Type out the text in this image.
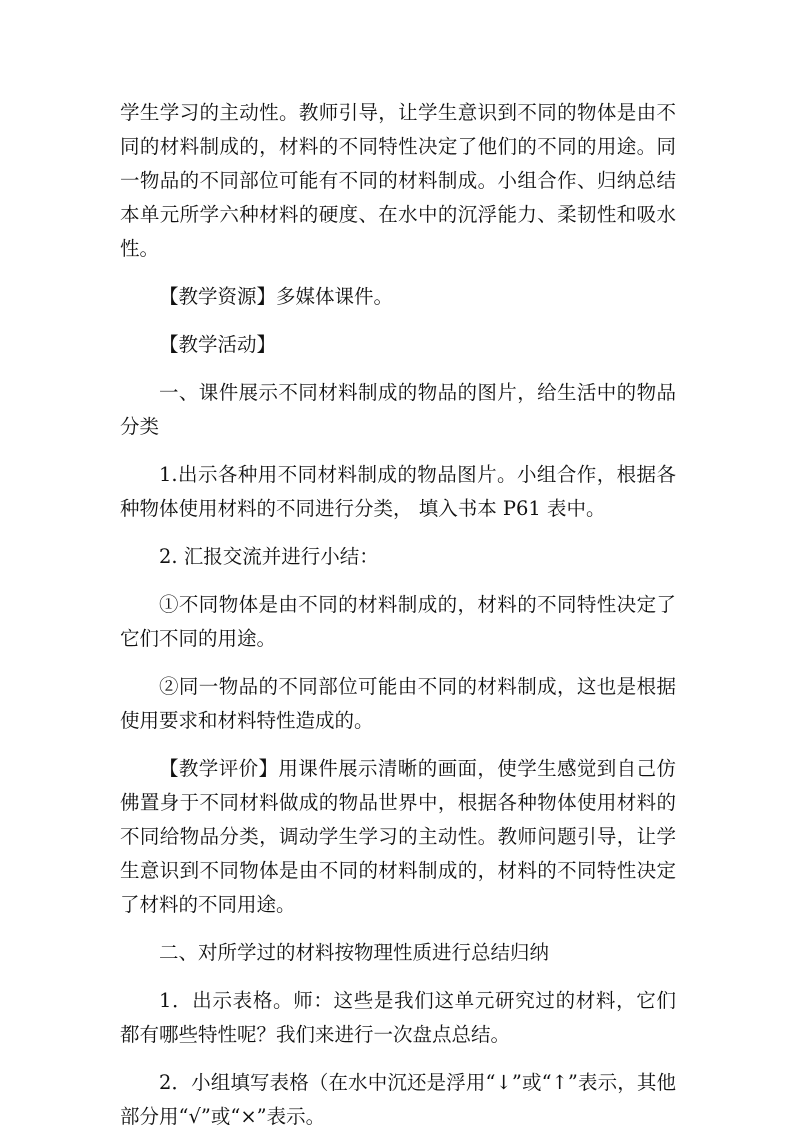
学生学习的主动性。教师引导，让学生意识到不同的物体是由不同的材料制成的，材料的不同特性决定了他们的不同的用途。同一物品的不同部位可能有不同的材料制成。小组合作、归纳总结本单元所学六种材料的硬度、在水中的沉浮能力、柔韧性和吸水性。

【教学资源】多媒体课件。

【教学活动】

一、课件展示不同材料制成的物品的图片，给生活中的物品分类

1.出示各种用不同材料制成的物品图片。小组合作，根据各种物体使用材料的不同进行分类， 填入书本 P61 表中。

2. 汇报交流并进行小结：

①不同物体是由不同的材料制成的，材料的不同特性决定了它们不同的用途。

②同一物品的不同部位可能由不同的材料制成，这也是根据使用要求和材料特性造成的。

【教学评价】用课件展示清晰的画面，使学生感觉到自己仿佛置身于不同材料做成的物品世界中，根据各种物体使用材料的不同给物品分类，调动学生学习的主动性。教师问题引导，让学生意识到不同物体是由不同的材料制成的，材料的不同特性决定了材料的不同用途。

二、对所学过的材料按物理性质进行总结归纳

1．出示表格。师：这些是我们这单元研究过的材料，它们都有哪些特性呢？我们来进行一次盘点总结。

2．小组填写表格（在水中沉还是浮用“↓”或“↑”表示，其他部分用“√”或“×”表示。
